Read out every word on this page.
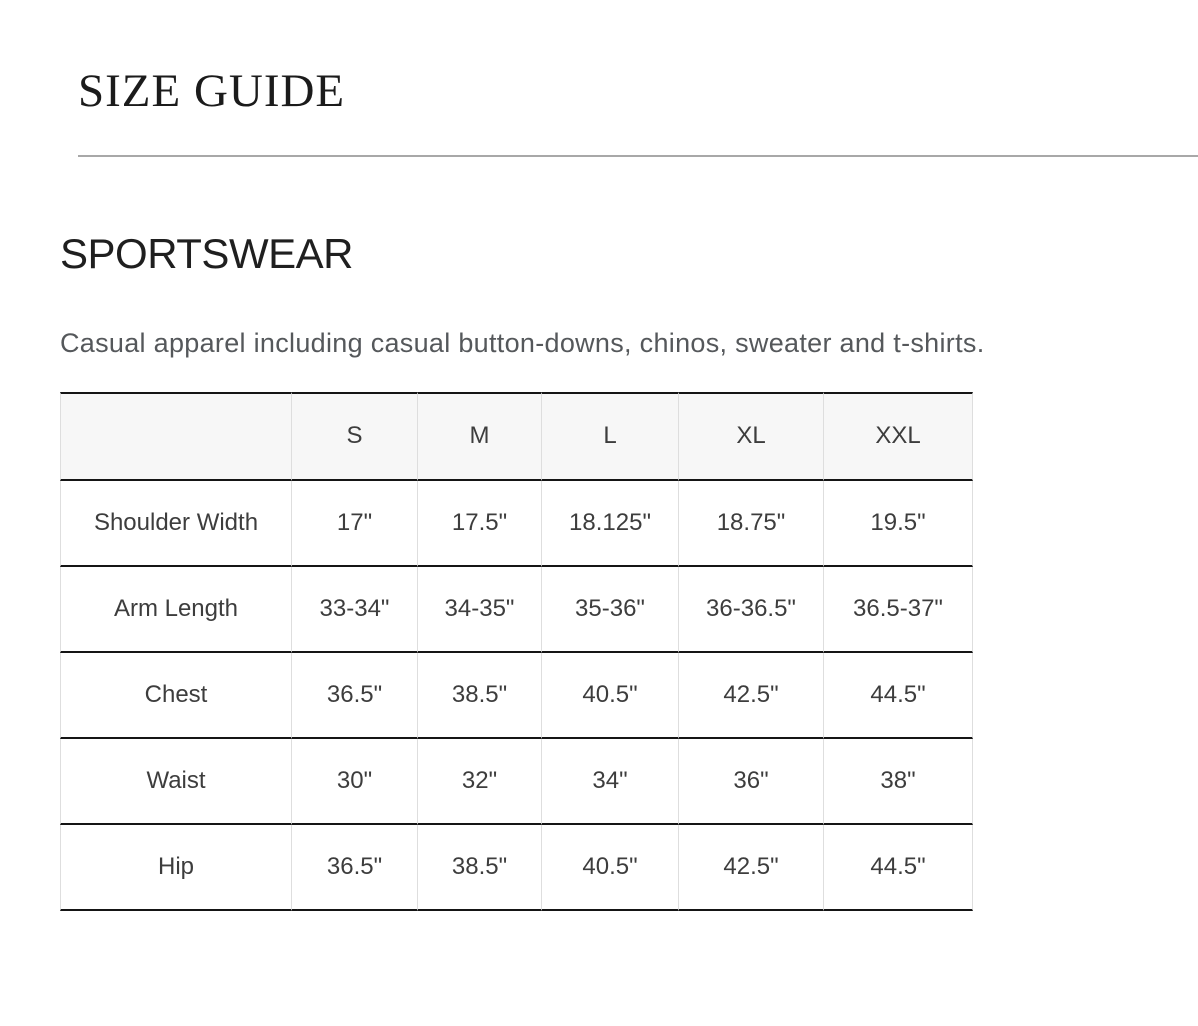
SIZE GUIDE
SPORTSWEAR

Casual apparel including casual button-downs, chinos, sweater and t-shirts.

	S	M	L	XL	XXL
Shoulder Width	17"	17.5"	18.125"	18.75"	19.5"
Arm Length	33-34"	34-35"	35-36"	36-36.5"	36.5-37"
Chest	36.5"	38.5"	40.5"	42.5"	44.5"
Waist	30"	32"	34"	36"	38"
Hip	36.5"	38.5"	40.5"	42.5"	44.5"
